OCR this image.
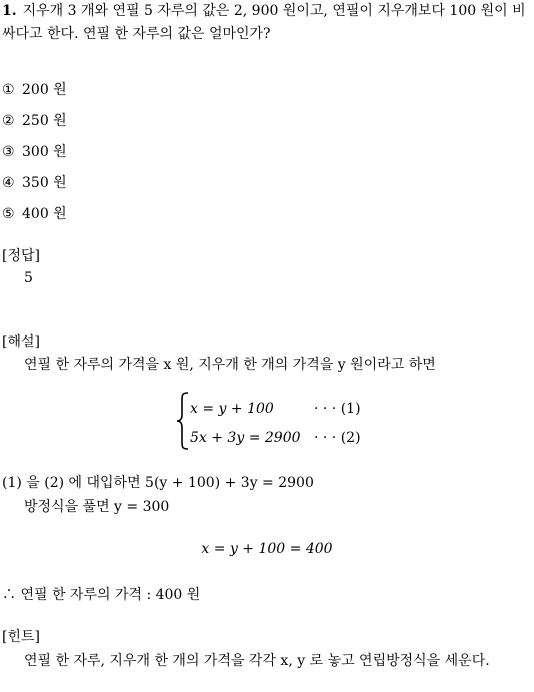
1. 지우개 3 개와 연필 5 자루의 값은 2, 900 원이고, 연필이 지우개보다 100 원이 비싸다고 한다. 연필 한 자루의 값은 얼마인가?
① 200 원
② 250 원
③ 300 원
④ 350 원
⑤ 400 원
[정답]
5
[해설]
연필 한 자루의 가격을 x 원, 지우개 한 개의 가격을 y 원이라고 하면
x = y + 100	· · · (1)
5x + 3y = 2900 · · · (2)
(1) 을 (2) 에 대입하면 5(y + 100) + 3y = 2900
방정식을 풀면 y = 300
x = y + 100 = 400
∴ 연필 한 자루의 가격 : 400 원
[힌트]
연필 한 자루, 지우개 한 개의 가격을 각각 x, y 로 놓고 연립방정식을 세운다.
